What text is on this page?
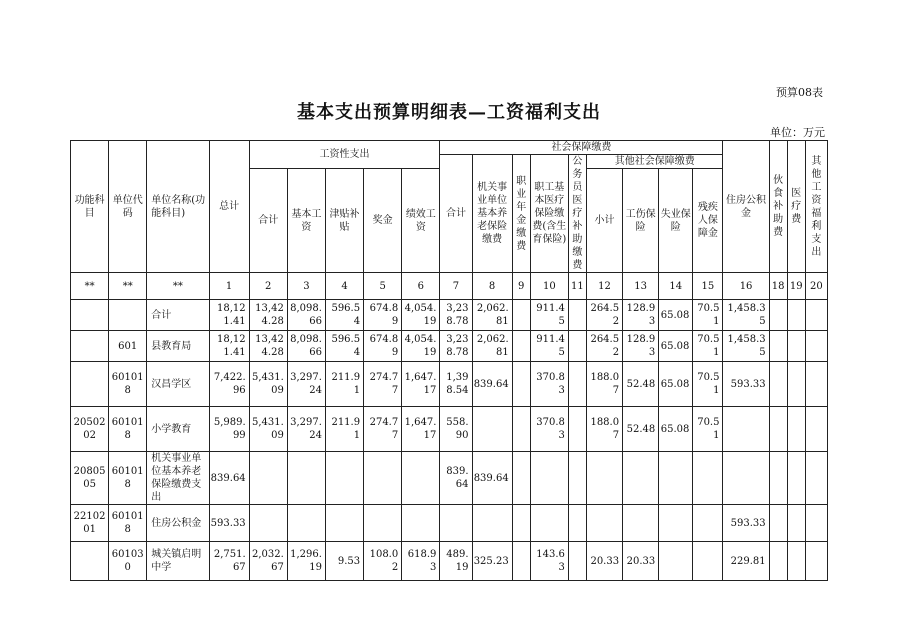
预算08表
基本支出预算明细表—工资福利支出
单位：万元
功能科目	单位代码	单位名称(功能科目)	总计	工资性支出					社会保障缴费									住房公积金	伙食补助费	医疗费	其他工资福利支出
									合计	机关事业单位基本养老保险缴费	职业年金缴费	职工基本医疗保险缴费(含生育保险)	公务员医疗补助缴费	其他社会保障缴费							
				合计	基本工资	津贴补贴	奖金	绩效工资						小计	工伤保险	失业保险	残疾人保障金				
**	**	**	1	2	3	4	5	6	7	8	9	10	11	12	13	14	15	16	18	19	20
		合计	18,121.41	13,424.28	8,098.66	596.54	674.89	4,054.19	3,238.78	2,062.81		911.45		264.52	128.93	65.08	70.51	1,458.35			
	601	县教育局	18,121.41	13,424.28	8,098.66	596.54	674.89	4,054.19	3,238.78	2,062.81		911.45		264.52	128.93	65.08	70.51	1,458.35			
	601018	汉昌学区	7,422.96	5,431.09	3,297.24	211.91	274.77	1,647.17	1,398.54	839.64		370.83		188.07	52.48	65.08	70.51	593.33			
2050202	601018	小学教育	5,989.99	5,431.09	3,297.24	211.91	274.77	1,647.17	558.90			370.83		188.07	52.48	65.08	70.51				
2080505	601018	机关事业单位基本养老保险缴费支出	839.64						839.64	839.64											
2210201	601018	住房公积金	593.33															593.33			
	601030	城关镇启明中学	2,751.67	2,032.67	1,296.19	9.53	108.02	618.93	489.19	325.23		143.63		20.33	20.33			229.81			
